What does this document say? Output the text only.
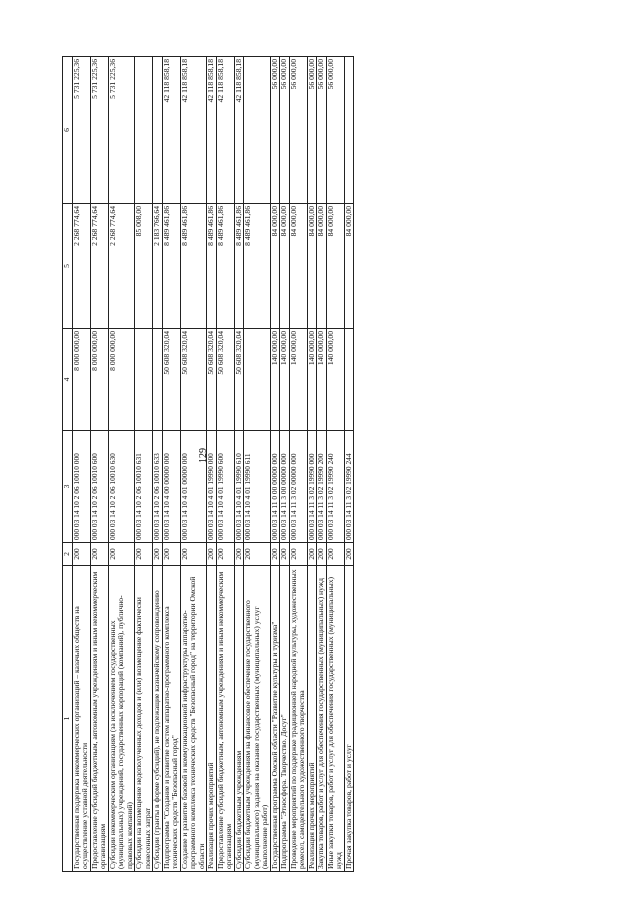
129
1	2	3	4	5	6
Государственная поддержка некоммерческих организаций – казачьих обществ на осуществление уставной деятельности	200	000 03 14 10 2 06 10010 000	8 000 000,00	2 268 774,64	5 731 225,36
Предоставление субсидий бюджетным, автономным учреждениям и иным некоммерческим организациям	200	000 03 14 10 2 06 10010 600	8 000 000,00	2 268 774,64	5 731 225,36
Субсидии некоммерческим организациям (за исключением государственных (муниципальных) учреждений, государственных корпораций (компаний), публично-правовых компаний)	200	000 03 14 10 2 06 10010 630	8 000 000,00	2 268 774,64	5 731 225,36
Субсидии на возмещение недополученных доходов и (или) возмещение фактически понесенных затрат	200	000 03 14 10 2 06 10010 631		85 008,00	
Субсидии (гранты в форме субсидий), не подлежащие казначейскому сопровождению	200	000 03 14 10 2 06 10010 633		2 183 766,64	
Подпрограмма "Создание и развитие систем аппаратно-программного комплекса технических средств "Безопасный город"	200	000 03 14 10 4 00 00000 000	50 608 320,04	8 489 461,86	42 118 858,18
Создание и развитие базовой и коммуникационной инфраструктуры аппаратно-программного комплекса технических средств "Безопасный город" на территории Омской области	200	000 03 14 10 4 01 00000 000	50 608 320,04	8 489 461,86	42 118 858,18
Реализация прочих мероприятий	200	000 03 14 10 4 01 19990 000	50 608 320,04	8 489 461,86	42 118 858,18
Предоставление субсидий бюджетным, автономным учреждениям и иным некоммерческим организациям	200	000 03 14 10 4 01 19990 600	50 608 320,04	8 489 461,86	42 118 858,18
Субсидии бюджетным учреждениям	200	000 03 14 10 4 01 19990 610	50 608 320,04	8 489 461,86	42 118 858,18
Субсидии бюджетным учреждениям на финансовое обеспечение государственного (муниципального) задания на оказание государственных (муниципальных) услуг (выполнение работ)	200	000 03 14 10 4 01 19990 611		8 489 461,86	
Государственная программа Омской области "Развитие культуры и туризма"	200	000 03 14 11 0 00 00000 000	140 000,00	84 000,00	56 000,00
Подпрограмма "Этносфера. Творчество. Досуг"	200	000 03 14 11 3 00 00000 000	140 000,00	84 000,00	56 000,00
Проведение мероприятий по поддержке традиционной народной культуры, художественных ремесел, самодеятельного художественного творчества	200	000 03 14 11 3 02 00000 000	140 000,00	84 000,00	56 000,00
Реализация прочих мероприятий	200	000 03 14 11 3 02 19990 000	140 000,00	84 000,00	56 000,00
Закупка товаров, работ и услуг для обеспечения государственных (муниципальных) нужд	200	000 03 14 11 3 02 19990 200	140 000,00	84 000,00	56 000,00
Иные закупки товаров, работ и услуг для обеспечения государственных (муниципальных) нужд	200	000 03 14 11 3 02 19990 240	140 000,00	84 000,00	56 000,00
Прочая закупка товаров, работ и услуг	200	000 03 14 11 3 02 19990 244		84 000,00	
